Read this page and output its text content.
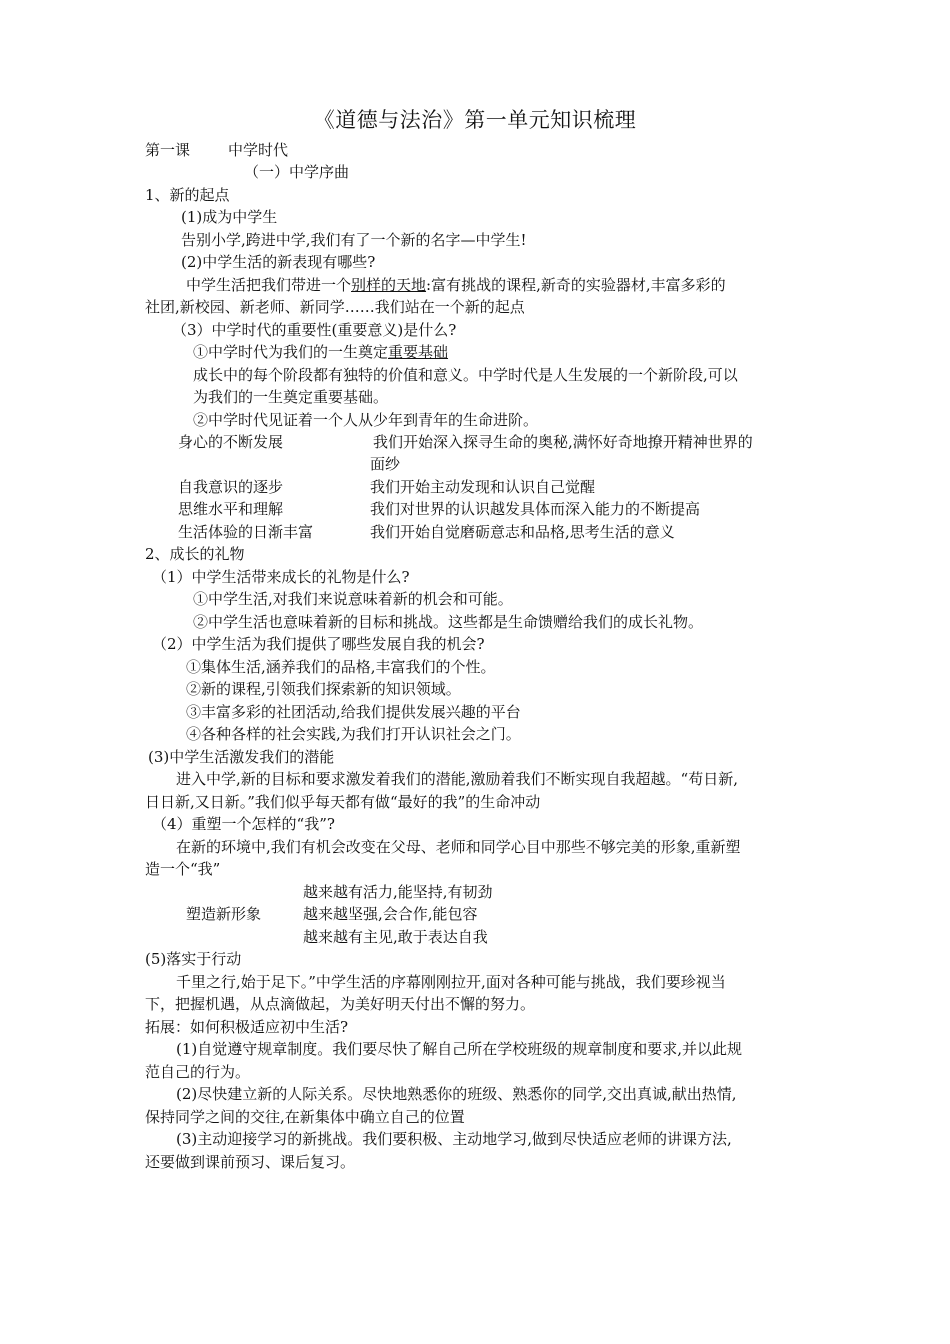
《道德与法治》第一单元知识梳理
第一课	中学时代
（一）中学序曲
1、新的起点
(1)成为中学生
告别小学,跨进中学,我们有了一个新的名字—中学生!
(2)中学生活的新表现有哪些?
中学生活把我们带进一个别样的天地:富有挑战的课程,新奇的实验器材,丰富多彩的
社团,新校园、新老师、新同学……我们站在一个新的起点
（3）中学时代的重要性(重要意义)是什么?
①中学时代为我们的一生奠定重要基础
成长中的每个阶段都有独特的价值和意义。中学时代是人生发展的一个新阶段,可以
为我们的一生奠定重要基础。
②中学时代见证着一个人从少年到青年的生命进阶。
身心的不断发展	我们开始深入探寻生命的奥秘,满怀好奇地撩开精神世界的
面纱
自我意识的逐步	我们开始主动发现和认识自己觉醒
思维水平和理解	我们对世界的认识越发具体而深入能力的不断提高
生活体验的日渐丰富	我们开始自觉磨砺意志和品格,思考生活的意义
2、成长的礼物
（1）中学生活带来成长的礼物是什么?
①中学生活,对我们来说意味着新的机会和可能。
②中学生活也意味着新的目标和挑战。这些都是生命馈赠给我们的成长礼物。
（2）中学生活为我们提供了哪些发展自我的机会?
①集体生活,涵养我们的品格,丰富我们的个性。
②新的课程,引领我们探索新的知识领域。
③丰富多彩的社团活动,给我们提供发展兴趣的平台
④各种各样的社会实践,为我们打开认识社会之门。
(3)中学生活激发我们的潜能
进入中学,新的目标和要求激发着我们的潜能,激励着我们不断实现自我超越。“苟日新,
日日新,又日新。”我们似乎每天都有做“最好的我”的生命冲动
（4）重塑一个怎样的“我”?
在新的环境中,我们有机会改变在父母、老师和同学心目中那些不够完美的形象,重新塑
造一个“我”
越来越有活力,能坚持,有韧劲
塑造新形象	越来越坚强,会合作,能包容
越来越有主见,敢于表达自我
(5)落实于行动
千里之行,始于足下。”中学生活的序幕刚刚拉开,面对各种可能与挑战，我们要珍视当
下，把握机遇，从点滴做起，为美好明天付出不懈的努力。
拓展：如何积极适应初中生活?
(1)自觉遵守规章制度。我们要尽快了解自己所在学校班级的规章制度和要求,并以此规
范自己的行为。
(2)尽快建立新的人际关系。尽快地熟悉你的班级、熟悉你的同学,交出真诚,献出热情,
保持同学之间的交往,在新集体中确立自己的位置
(3)主动迎接学习的新挑战。我们要积极、主动地学习,做到尽快适应老师的讲课方法,
还要做到课前预习、课后复习。
